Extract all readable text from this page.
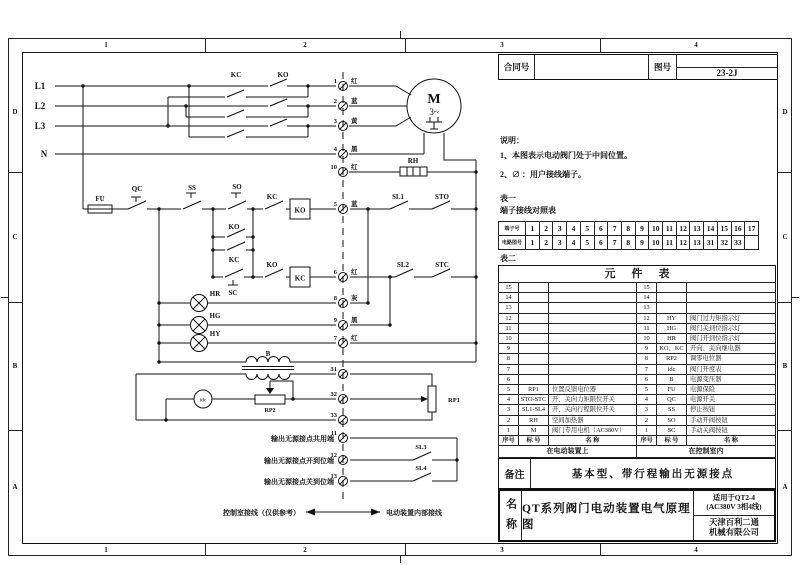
1	2	3	4
1	2	3	4
D
C
B
A
D
C
B
A
L1
L2
L3
N
KC	KO
FU
QC	SS	SO
KC
KO
KO
KC
SC
KO
KC
SL1	STO
SL2	STC
HR
HG
HY
RH
B
idc
RP2
RP1
SL3
SL4
M
3~
1 红
2 蓝
3 黄
4 黑
10 红
5 蓝
6 红
8 灰
9 黑
7 红
31
32
33
11
12
13
输出无源接点共用端
输出无源接点开到位端
输出无源接点关到位端
控制室接线（仅供参考）	电动装置内部接线
合同号	图号
23-2J
说明：
1、本图表示电动阀门处于中间位置。
2、∅ ：用户接线端子。
表一
端子接线对照表
端子号	1	2	3	4	5	6	7	8	9	10	11	12	13	14	15	16	17
电路图号	1	2	3	4	5	6	7	8	9	10	11	12	13	31	32	33	
表二
元件表
15		
14		
13		
12		
11		
10		
9		
8		
7		
6		
5	RP1	位置反馈电位器
4	STO-STC	开、关向力矩限位开关
3	SL1-SL4	开、关向行程限位开关
2	RH	空间加热器
1	M	阀门专用电机（AC380V）
序号	标 号	名 称
在电动装置上		
15		
14		
13		
12	HY	阀门过力矩指示灯
11	HG	阀门关到位指示灯
10	HR	阀门开到位指示灯
9	KO、KC	开向、关向继电器
8	RP2	调零电位器
7	idc	阀门开度表
6	B	电源变压器
5	FU	电源保险
4	QC	电源开关
3	SS	停止按钮
2	SO	手动开阀按钮
1	SC	手动关阀按钮
序号	标 号	名 称
在控制室内		
备注	基本型、带行程输出无源接点
名称 QT系列阀门电动装置电气原理图
适用于QT2-4
(AC380V 3相4线)
天津百利二通
机械有限公司
